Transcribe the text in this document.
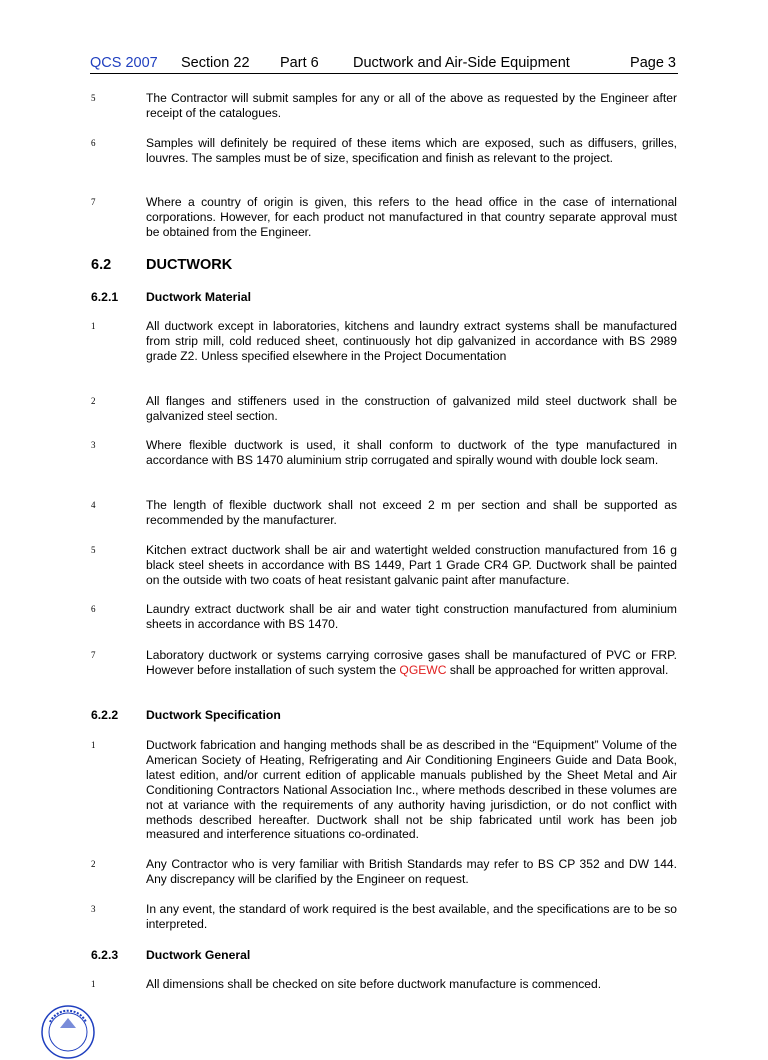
QCS 2007 Section 22 Part 6 Ductwork and Air-Side Equipment	Page 3
5	The Contractor will submit samples for any or all of the above as requested by the Engineer after receipt of the catalogues.

6	Samples will definitely be required of these items which are exposed, such as diffusers, grilles, louvres. The samples must be of size, specification and finish as relevant to the project.

7	Where a country of origin is given, this refers to the head office in the case of international corporations. However, for each product not manufactured in that country separate approval must be obtained from the Engineer.

6.2 DUCTWORK
6.2.1 Ductwork Material
1	All ductwork except in laboratories, kitchens and laundry extract systems shall be manufactured from strip mill, cold reduced sheet, continuously hot dip galvanized in accordance with BS 2989 grade Z2. Unless specified elsewhere in the Project Documentation

2	All flanges and stiffeners used in the construction of galvanized mild steel ductwork shall be galvanized steel section.

3	Where flexible ductwork is used, it shall conform to ductwork of the type manufactured in accordance with BS 1470 aluminium strip corrugated and spirally wound with double lock seam.

4	The length of flexible ductwork shall not exceed 2 m per section and shall be supported as recommended by the manufacturer.

5	Kitchen extract ductwork shall be air and watertight welded construction manufactured from 16 g black steel sheets in accordance with BS 1449, Part 1 Grade CR4 GP. Ductwork shall be painted on the outside with two coats of heat resistant galvanic paint after manufacture.

6	Laundry extract ductwork shall be air and water tight construction manufactured from aluminium sheets in accordance with BS 1470.

7	Laboratory ductwork or systems carrying corrosive gases shall be manufactured of PVC or FRP. However before installation of such system the QGEWC shall be approached for written approval.

6.2.2 Ductwork Specification
1	Ductwork fabrication and hanging methods shall be as described in the “Equipment” Volume of the American Society of Heating, Refrigerating and Air Conditioning Engineers Guide and Data Book, latest edition, and/or current edition of applicable manuals published by the Sheet Metal and Air Conditioning Contractors National Association Inc., where methods described in these volumes are not at variance with the requirements of any authority having jurisdiction, or do not conflict with methods described hereafter. Ductwork shall not be ship fabricated until work has been job measured and interference situations co-ordinated.

2	Any Contractor who is very familiar with British Standards may refer to BS CP 352 and DW 144. Any discrepancy will be clarified by the Engineer on request.

3	In any event, the standard of work required is the best available, and the specifications are to be so interpreted.

6.2.3 Ductwork General
1	All dimensions shall be checked on site before ductwork manufacture is commenced.
